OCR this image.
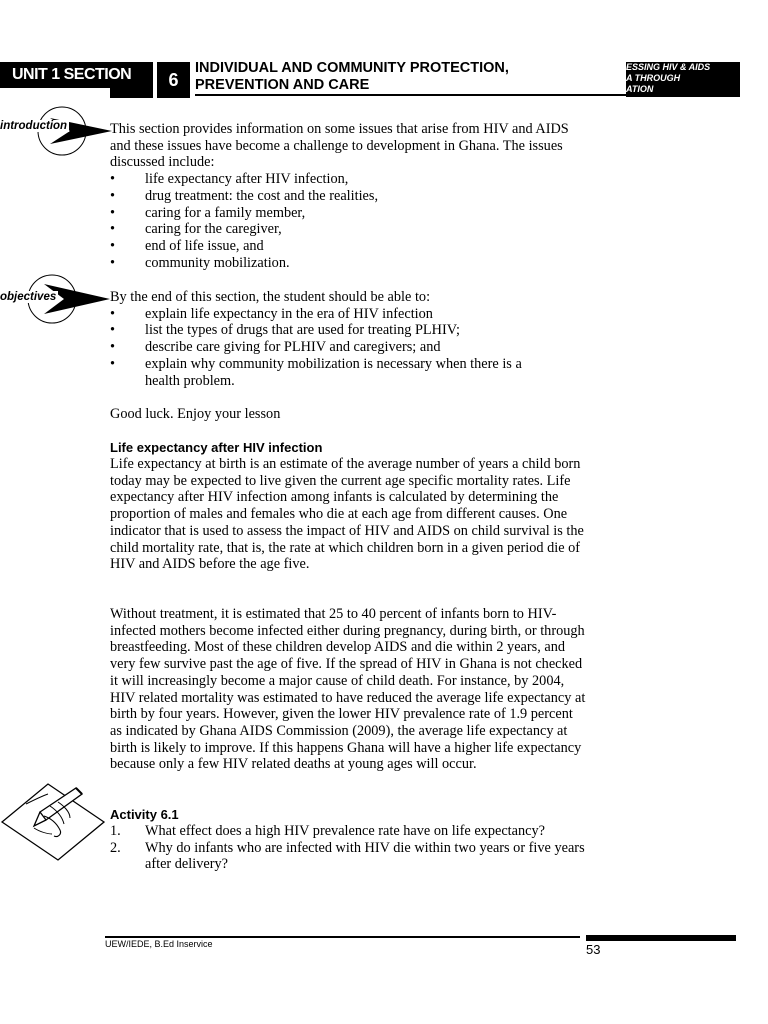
UNIT 1 SECTION	6
INDIVIDUAL AND COMMUNITY PROTECTION,
PREVENTION AND CARE
ESSING HIV & AIDS
A THROUGH
ATION
introduction	This section provides information on some issues that arise from HIV and AIDS and these issues have become a challenge to development in Ghana. The issues discussed include:
• life expectancy after HIV infection,
• drug treatment: the cost and the realities,
• caring for a family member,
• caring for the caregiver,
• end of life issue, and
• community mobilization.
objectives	By the end of this section, the student should be able to:
• explain life expectancy in the era of HIV infection
• list the types of drugs that are used for treating PLHIV;
• describe care giving for PLHIV and caregivers; and
• explain why community mobilization is necessary when there is a health problem.
Good luck. Enjoy your lesson
Life expectancy after HIV infection
Life expectancy at birth is an estimate of the average number of years a child born today may be expected to live given the current age specific mortality rates. Life expectancy after HIV infection among infants is calculated by determining the proportion of males and females who die at each age from different causes. One indicator that is used to assess the impact of HIV and AIDS on child survival is the child mortality rate, that is, the rate at which children born in a given period die of HIV and AIDS before the age five.
Without treatment, it is estimated that 25 to 40 percent of infants born to HIV-infected mothers become infected either during pregnancy, during birth, or through breastfeeding. Most of these children develop AIDS and die within 2 years, and very few survive past the age of five. If the spread of HIV in Ghana is not checked it will increasingly become a major cause of child death. For instance, by 2004, HIV related mortality was estimated to have reduced the average life expectancy at birth by four years. However, given the lower HIV prevalence rate of 1.9 percent as indicated by Ghana AIDS Commission (2009), the average life expectancy at birth is likely to improve. If this happens Ghana will have a higher life expectancy because only a few HIV related deaths at young ages will occur.
Activity 6.1
1. What effect does a high HIV prevalence rate have on life expectancy?
2. Why do infants who are infected with HIV die within two years or five years after delivery?
UEW/IEDE, B.Ed Inservice	53
